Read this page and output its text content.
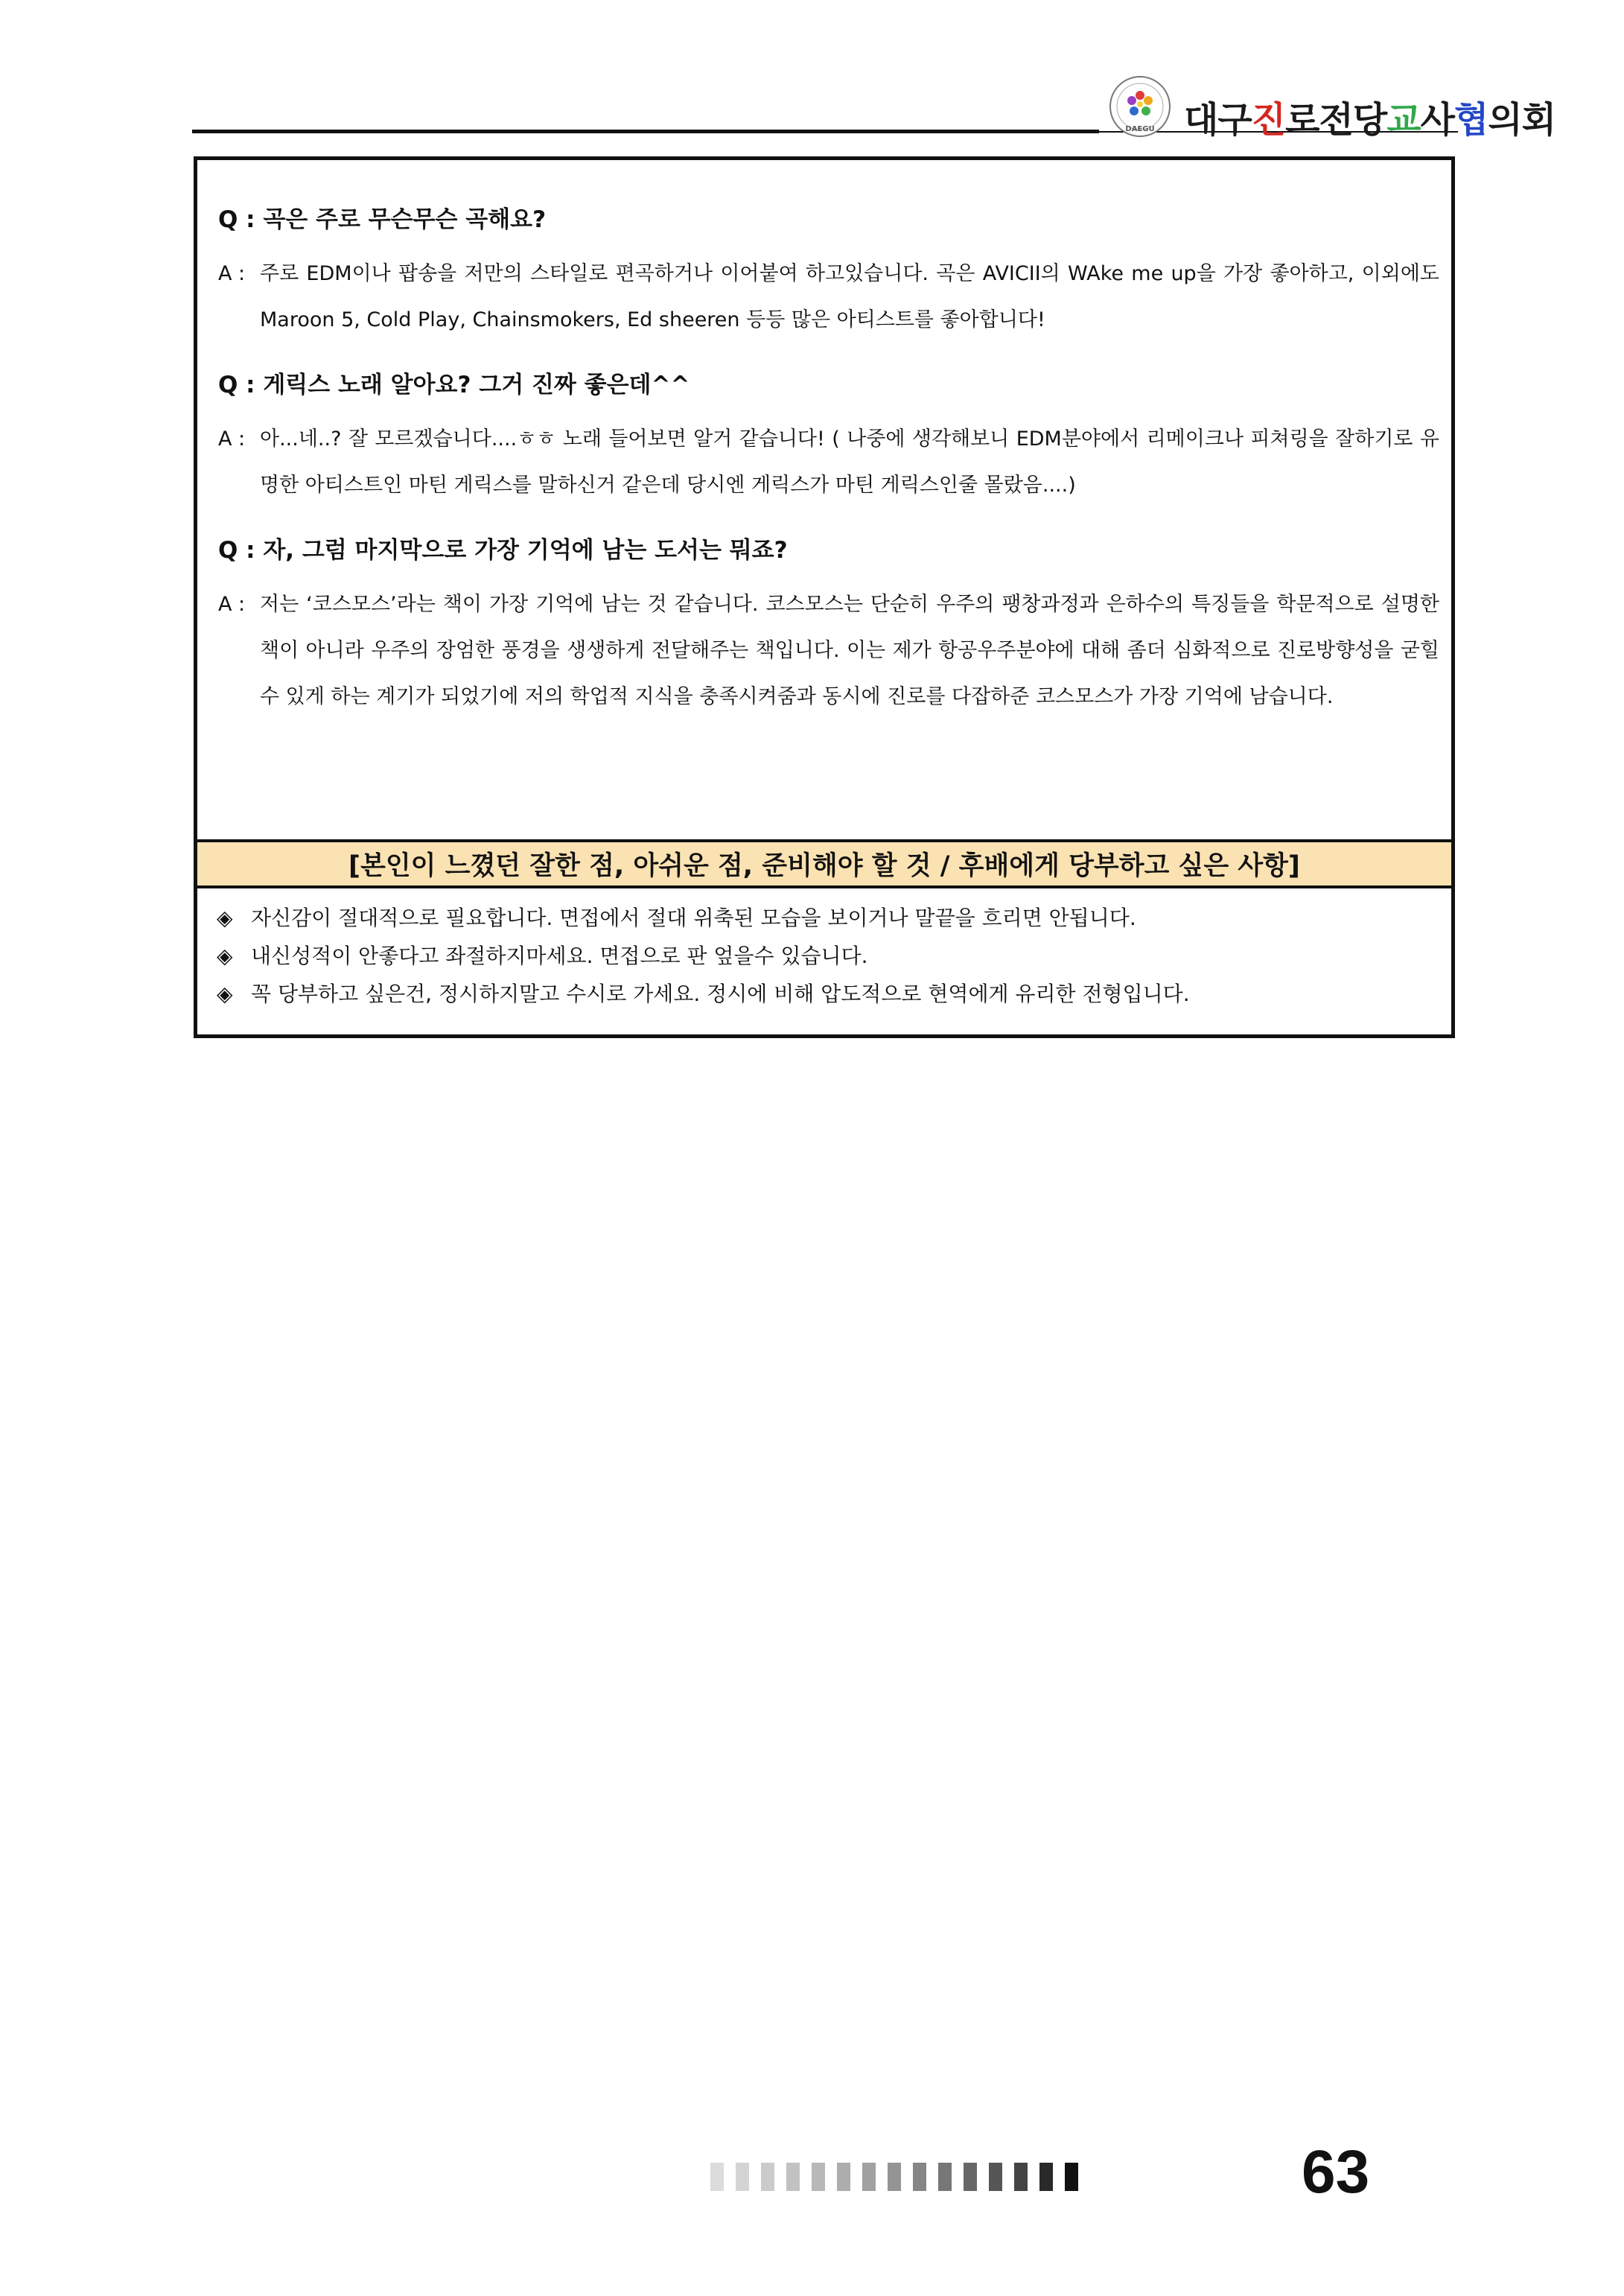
DAEGU 대구진로전당교사협의회
Q : 곡은 주로 무슨무슨 곡해요?
A : 주로 EDM이나 팝송을 저만의 스타일로 편곡하거나 이어붙여 하고있습니다. 곡은 AVICII의 WAke me up을 가장 좋아하고, 이외에도 Maroon 5, Cold Play, Chainsmokers, Ed sheeren 등등 많은 아티스트를 좋아합니다!
Q : 게릭스 노래 알아요? 그거 진짜 좋은데^^
A : 아...네..? 잘 모르겠습니다....ㅎㅎ 노래 들어보면 알거 같습니다! ( 나중에 생각해보니 EDM분야에서 리메이크나 피쳐링을 잘하기로 유명한 아티스트인 마틴 게릭스를 말하신거 같은데 당시엔 게릭스가 마틴 게릭스인줄 몰랐음....)
Q : 자, 그럼 마지막으로 가장 기억에 남는 도서는 뭐죠?
A : 저는 ‘코스모스’라는 책이 가장 기억에 남는 것 같습니다. 코스모스는 단순히 우주의 팽창과정과 은하수의 특징들을 학문적으로 설명한 책이 아니라 우주의 장엄한 풍경을 생생하게 전달해주는 책입니다. 이는 제가 항공우주분야에 대해 좀더 심화적으로 진로방향성을 굳힐수 있게 하는 계기가 되었기에 저의 학업적 지식을 충족시켜줌과 동시에 진로를 다잡하준 코스모스가 가장 기억에 남습니다.
[본인이 느꼈던 잘한 점, 아쉬운 점, 준비해야 할 것 / 후배에게 당부하고 싶은 사항]
◈ 자신감이 절대적으로 필요합니다. 면접에서 절대 위축된 모습을 보이거나 말끝을 흐리면 안됩니다.
◈ 내신성적이 안좋다고 좌절하지마세요. 면접으로 판 엎을수 있습니다.
◈ 꼭 당부하고 싶은건, 정시하지말고 수시로 가세요. 정시에 비해 압도적으로 현역에게 유리한 전형입니다.
63
